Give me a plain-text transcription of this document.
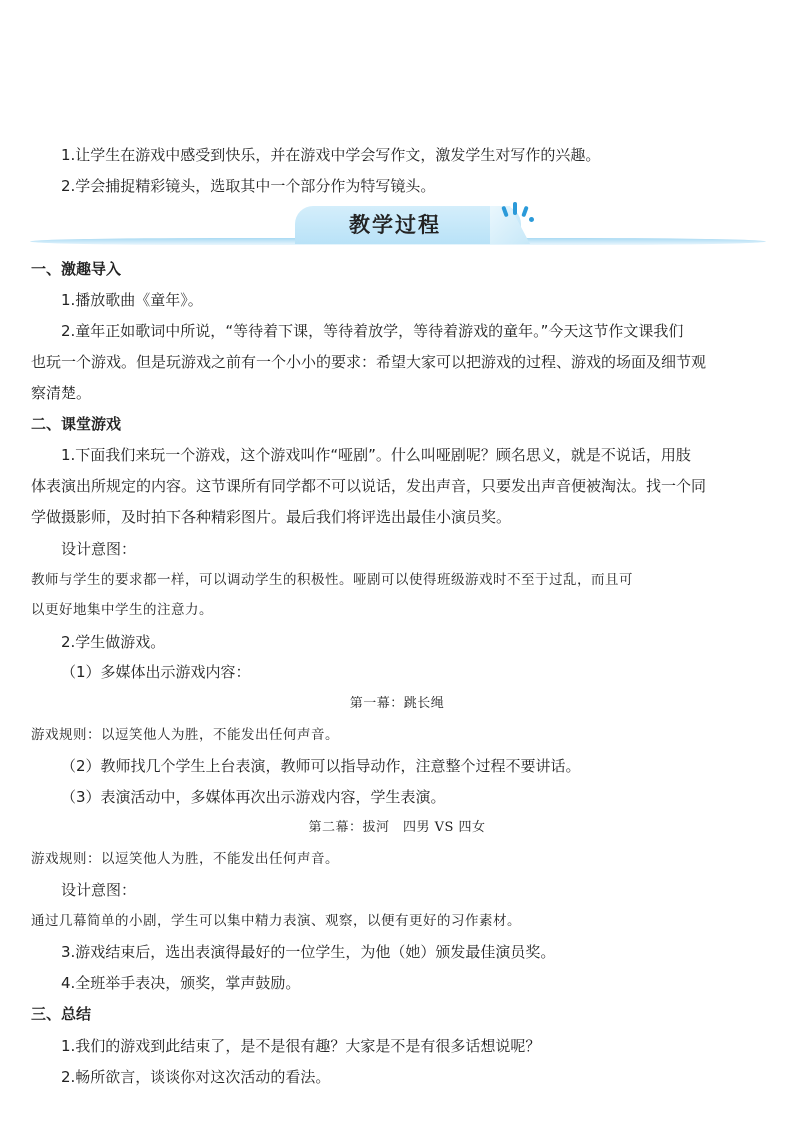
1.让学生在游戏中感受到快乐，并在游戏中学会写作文，激发学生对写作的兴趣。
2.学会捕捉精彩镜头，选取其中一个部分作为特写镜头。
教学过程
一、激趣导入
1.播放歌曲《童年》。
2.童年正如歌词中所说，“等待着下课，等待着放学，等待着游戏的童年。”今天这节作文课我们
也玩一个游戏。但是玩游戏之前有一个小小的要求：希望大家可以把游戏的过程、游戏的场面及细节观
察清楚。
二、课堂游戏
1.下面我们来玩一个游戏，这个游戏叫作“哑剧”。什么叫哑剧呢？顾名思义，就是不说话，用肢
体表演出所规定的内容。这节课所有同学都不可以说话，发出声音，只要发出声音便被淘汰。找一个同
学做摄影师，及时拍下各种精彩图片。最后我们将评选出最佳小演员奖。
设计意图：
教师与学生的要求都一样，可以调动学生的积极性。哑剧可以使得班级游戏时不至于过乱，而且可
以更好地集中学生的注意力。
2.学生做游戏。
（1）多媒体出示游戏内容：
第一幕：跳长绳
游戏规则：以逗笑他人为胜，不能发出任何声音。
（2）教师找几个学生上台表演，教师可以指导动作，注意整个过程不要讲话。
（3）表演活动中，多媒体再次出示游戏内容，学生表演。
第二幕：拔河　四男 VS 四女
游戏规则：以逗笑他人为胜，不能发出任何声音。
设计意图：
通过几幕简单的小剧，学生可以集中精力表演、观察，以便有更好的习作素材。
3.游戏结束后，选出表演得最好的一位学生，为他（她）颁发最佳演员奖。
4.全班举手表决，颁奖，掌声鼓励。
三、总结
1.我们的游戏到此结束了，是不是很有趣？大家是不是有很多话想说呢？
2.畅所欲言，谈谈你对这次活动的看法。
